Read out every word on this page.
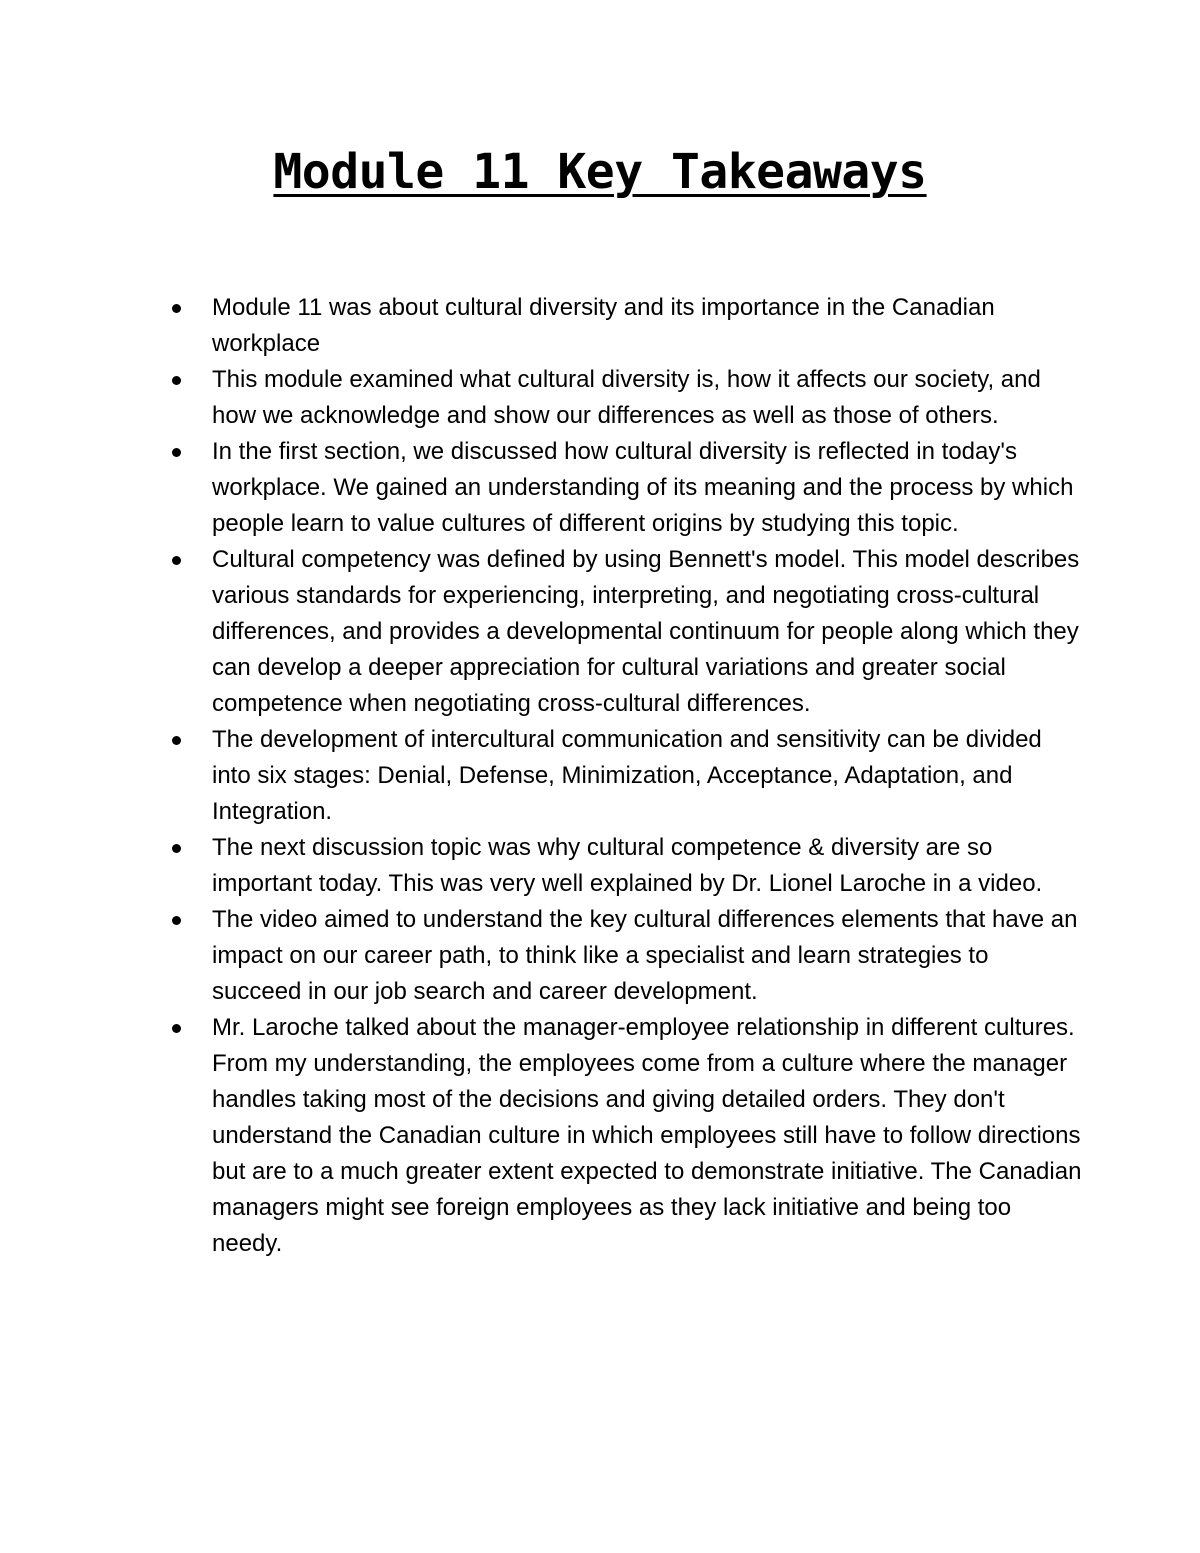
Module 11 Key Takeaways
Module 11 was about cultural diversity and its importance in the Canadian workplace
This module examined what cultural diversity is, how it affects our society, and how we acknowledge and show our differences as well as those of others.
In the first section, we discussed how cultural diversity is reflected in today's workplace. We gained an understanding of its meaning and the process by which people learn to value cultures of different origins by studying this topic.
Cultural competency was defined by using Bennett's model. This model describes various standards for experiencing, interpreting, and negotiating cross-cultural differences, and provides a developmental continuum for people along which they can develop a deeper appreciation for cultural variations and greater social competence when negotiating cross-cultural differences.
The development of intercultural communication and sensitivity can be divided into six stages: Denial, Defense, Minimization, Acceptance, Adaptation, and Integration.
The next discussion topic was why cultural competence & diversity are so important today. This was very well explained by Dr. Lionel Laroche in a video.
The video aimed to understand the key cultural differences elements that have an impact on our career path, to think like a specialist and learn strategies to succeed in our job search and career development.
Mr. Laroche talked about the manager-employee relationship in different cultures. From my understanding, the employees come from a culture where the manager handles taking most of the decisions and giving detailed orders. They don't understand the Canadian culture in which employees still have to follow directions but are to a much greater extent expected to demonstrate initiative. The Canadian managers might see foreign employees as they lack initiative and being too needy.
